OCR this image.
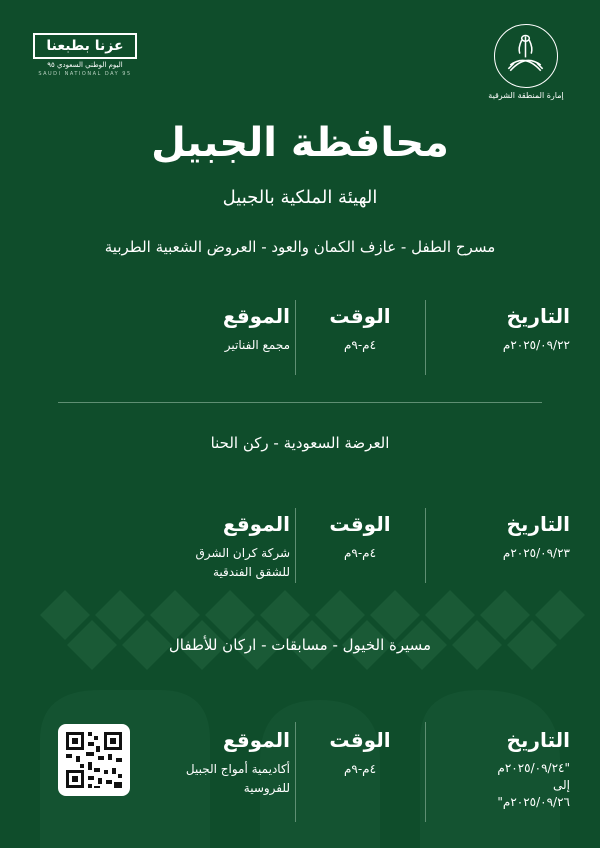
عزنا بطبعنا
اليوم الوطني السعودي ٩٥
SAUDI NATIONAL DAY 95
إمارة المنطقة الشرقية
محافظة الجبيل
الهيئة الملكية بالجبيل
مسرح الطفل - عازف الكمان والعود - العروض الشعبية الطربية
التاريخ
٢٠٢٥/٠٩/٢٢م
الوقت
٤م-٩م
الموقع
مجمع الفناتير
العرضة السعودية - ركن الحنا
التاريخ
٢٠٢٥/٠٩/٢٣م
الوقت
٤م-٩م
الموقع
شركة كران الشرق
للشقق الفندقية
مسيرة الخيول - مسابقات - اركان للأطفال
التاريخ
"٢٠٢٥/٠٩/٢٤م
إلى
٢٠٢٥/٠٩/٢٦م"
الوقت
٤م-٩م
الموقع
أكاديمية أمواج الجبيل
للفروسية
